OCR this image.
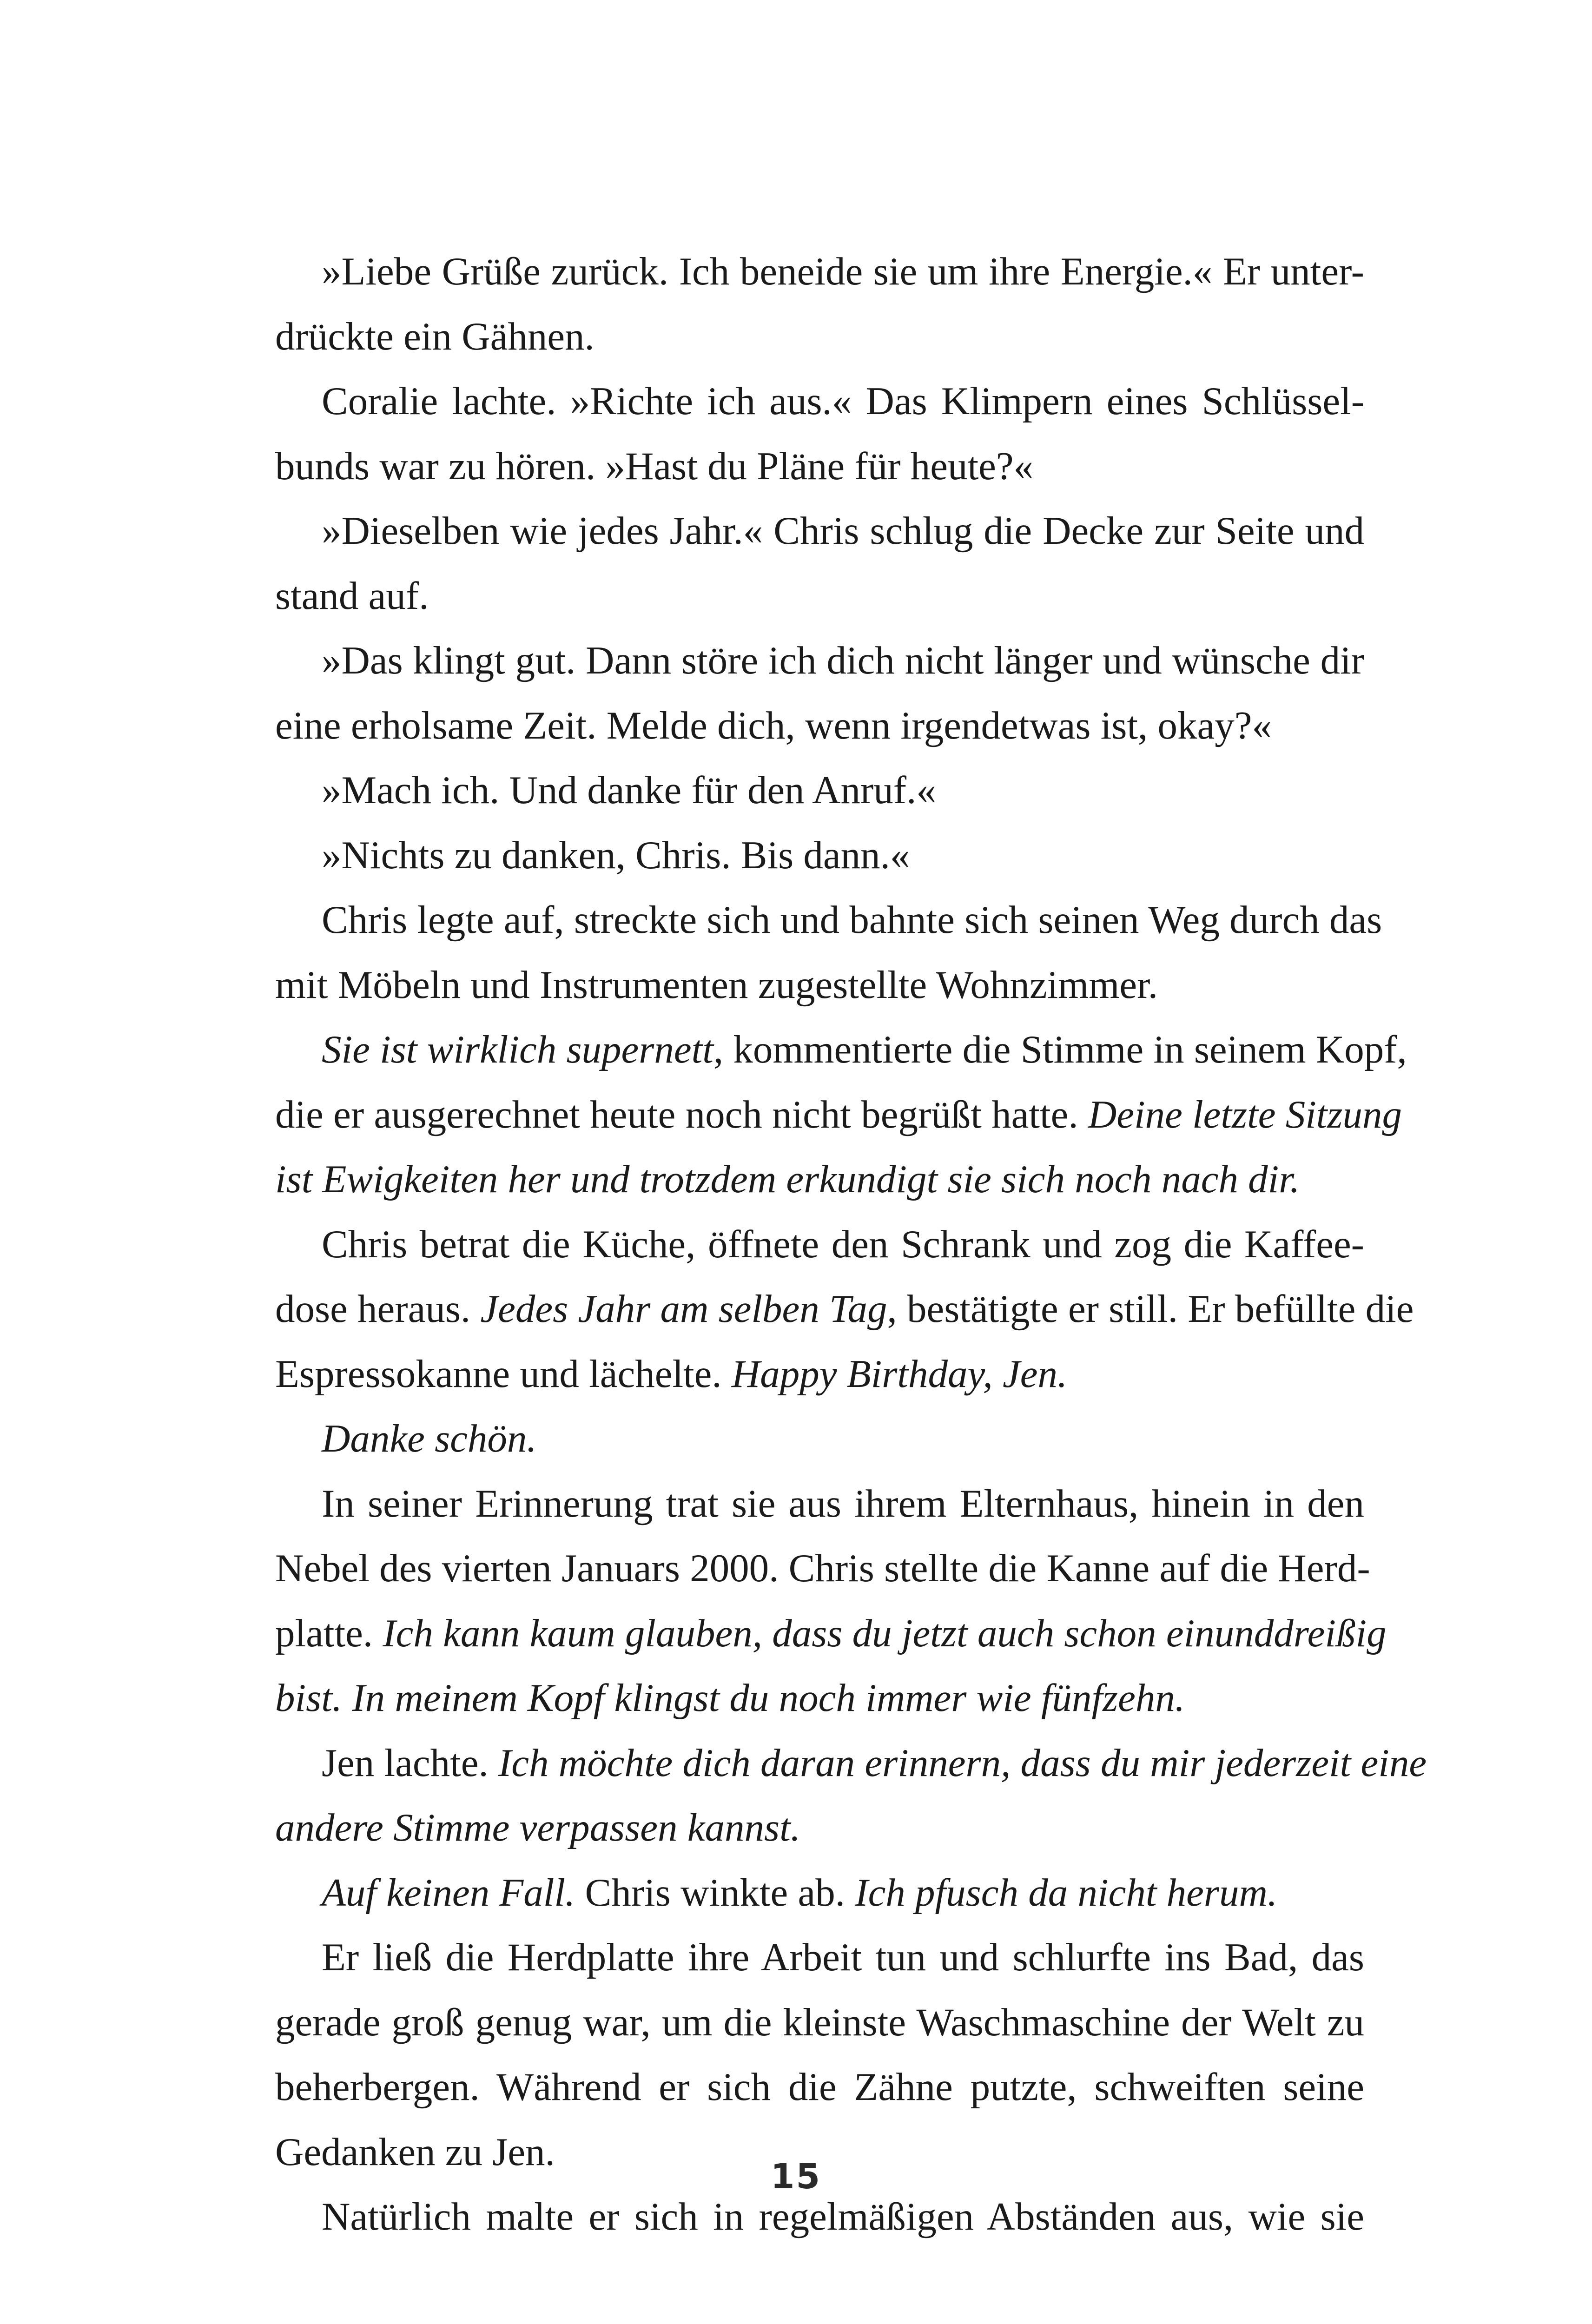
»Liebe Grüße zurück. Ich beneide sie um ihre Energie.« Er unter-
drückte ein Gähnen.
Coralie lachte. »Richte ich aus.« Das Klimpern eines Schlüssel-
bunds war zu hören. »Hast du Pläne für heute?«
»Dieselben wie jedes Jahr.« Chris schlug die Decke zur Seite und
stand auf.
»Das klingt gut. Dann störe ich dich nicht länger und wünsche dir
eine erholsame Zeit. Melde dich, wenn irgendetwas ist, okay?«
»Mach ich. Und danke für den Anruf.«
»Nichts zu danken, Chris. Bis dann.«
Chris legte auf, streckte sich und bahnte sich seinen Weg durch das
mit Möbeln und Instrumenten zugestellte Wohnzimmer.
Sie ist wirklich supernett, kommentierte die Stimme in seinem Kopf,
die er ausgerechnet heute noch nicht begrüßt hatte. Deine letzte Sitzung
ist Ewigkeiten her und trotzdem erkundigt sie sich noch nach dir.
Chris betrat die Küche, öffnete den Schrank und zog die Kaffee-
dose heraus. Jedes Jahr am selben Tag, bestätigte er still. Er befüllte die
Espressokanne und lächelte. Happy Birthday, Jen.
Danke schön.
In seiner Erinnerung trat sie aus ihrem Elternhaus, hinein in den
Nebel des vierten Januars 2000. Chris stellte die Kanne auf die Herd-
platte. Ich kann kaum glauben, dass du jetzt auch schon einunddreißig
bist. In meinem Kopf klingst du noch immer wie fünfzehn.
Jen lachte. Ich möchte dich daran erinnern, dass du mir jederzeit eine
andere Stimme verpassen kannst.
Auf keinen Fall. Chris winkte ab. Ich pfusch da nicht herum.
Er ließ die Herdplatte ihre Arbeit tun und schlurfte ins Bad, das
gerade groß genug war, um die kleinste Waschmaschine der Welt zu
beherbergen. Während er sich die Zähne putzte, schweiften seine
Gedanken zu Jen.
Natürlich malte er sich in regelmäßigen Abständen aus, wie sie
15
